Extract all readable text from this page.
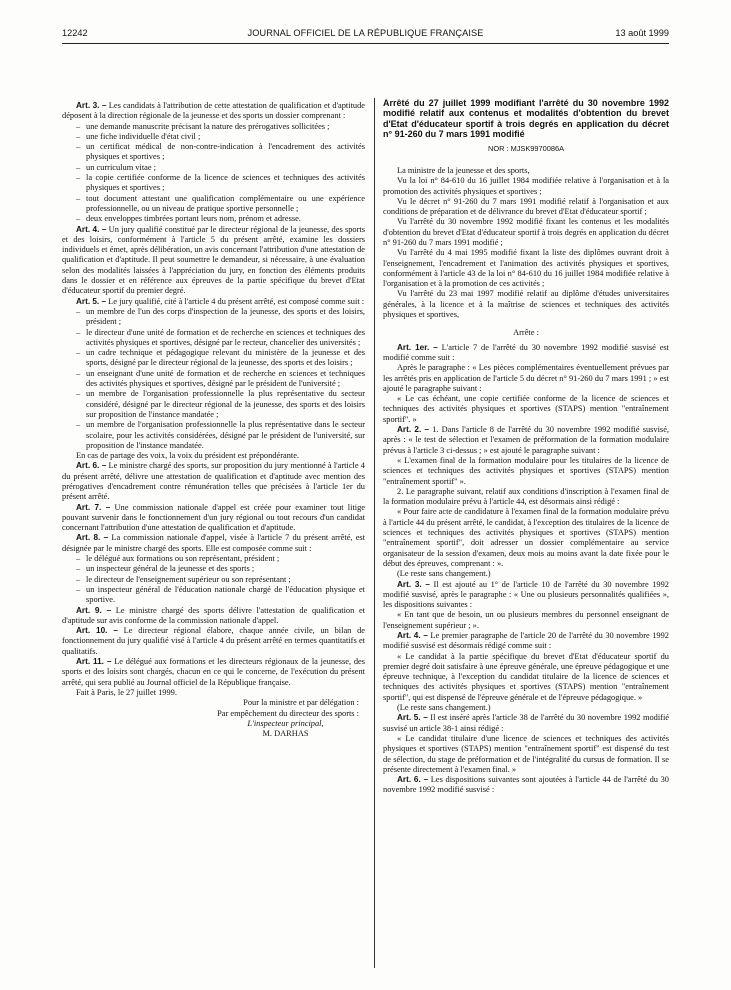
12242	JOURNAL OFFICIEL DE LA RÉPUBLIQUE FRANÇAISE	13 août 1999

Art. 3. – Les candidats à l'attribution de cette attestation de qualification et d'aptitude déposent à la direction régionale de la jeunesse et des sports un dossier comprenant :

– une demande manuscrite précisant la nature des prérogatives sollicitées ;
– une fiche individuelle d'état civil ;
– un certificat médical de non-contre-indication à l'encadrement des activités physiques et sportives ;
– un curriculum vitae ;
– la copie certifiée conforme de la licence de sciences et techniques des activités physiques et sportives ;
– tout document attestant une qualification complémentaire ou une expérience professionnelle, ou un niveau de pratique sportive personnelle ;
– deux enveloppes timbrées portant leurs nom, prénom et adresse.

Art. 4. – Un jury qualifié constitué par le directeur régional de la jeunesse, des sports et des loisirs, conformément à l'article 5 du présent arrêté, examine les dossiers individuels et émet, après délibération, un avis concernant l'attribution d'une attestation de qualification et d'aptitude. Il peut soumettre le demandeur, si nécessaire, à une évaluation selon des modalités laissées à l'appréciation du jury, en fonction des éléments produits dans le dossier et en référence aux épreuves de la partie spécifique du brevet d'Etat d'éducateur sportif du premier degré.

Art. 5. – Le jury qualifié, cité à l'article 4 du présent arrêté, est composé comme suit :

– un membre de l'un des corps d'inspection de la jeunesse, des sports et des loisirs, président ;
– le directeur d'une unité de formation et de recherche en sciences et techniques des activités physiques et sportives, désigné par le recteur, chancelier des universités ;
– un cadre technique et pédagogique relevant du ministère de la jeunesse et des sports, désigné par le directeur régional de la jeunesse, des sports et des loisirs ;
– un enseignant d'une unité de formation et de recherche en sciences et techniques des activités physiques et sportives, désigné par le président de l'université ;
– un membre de l'organisation professionnelle la plus représentative du secteur considéré, désigné par le directeur régional de la jeunesse, des sports et des loisirs sur proposition de l'instance mandatée ;
– un membre de l'organisation professionnelle la plus représentative dans le secteur scolaire, pour les activités considérées, désigné par le président de l'université, sur proposition de l'instance mandatée.

En cas de partage des voix, la voix du président est prépondérante.

Art. 6. – Le ministre chargé des sports, sur proposition du jury mentionné à l'article 4 du présent arrêté, délivre une attestation de qualification et d'aptitude avec mention des prérogatives d'encadrement contre rémunération telles que précisées à l'article 1er du présent arrêté.

Art. 7. – Une commission nationale d'appel est créée pour examiner tout litige pouvant survenir dans le fonctionnement d'un jury régional ou tout recours d'un candidat concernant l'attribution d'une attestation de qualification et d'aptitude.

Art. 8. – La commission nationale d'appel, visée à l'article 7 du présent arrêté, est désignée par le ministre chargé des sports. Elle est composée comme suit :

– le délégué aux formations ou son représentant, président ;
– un inspecteur général de la jeunesse et des sports ;
– le directeur de l'enseignement supérieur ou son représentant ;
– un inspecteur général de l'éducation nationale chargé de l'éducation physique et sportive.

Art. 9. – Le ministre chargé des sports délivre l'attestation de qualification et d'aptitude sur avis conforme de la commission nationale d'appel.

Art. 10. – Le directeur régional élabore, chaque année civile, un bilan de fonctionnement du jury qualifié visé à l'article 4 du présent arrêté en termes quantitatifs et qualitatifs.

Art. 11. – Le délégué aux formations et les directeurs régionaux de la jeunesse, des sports et des loisirs sont chargés, chacun en ce qui le concerne, de l'exécution du présent arrêté, qui sera publié au Journal officiel de la République française.

Fait à Paris, le 27 juillet 1999.

Pour la ministre et par délégation :
Par empêchement du directeur des sports :
L'inspecteur principal,
M. DARHAS
Arrêté du 27 juillet 1999 modifiant l'arrêté du 30 novembre 1992 modifié relatif aux contenus et modalités d'obtention du brevet d'Etat d'éducateur sportif à trois degrés en application du décret n° 91-260 du 7 mars 1991 modifié
NOR : MJSK9970086A

La ministre de la jeunesse et des sports,

Vu la loi n° 84-610 du 16 juillet 1984 modifiée relative à l'organisation et à la promotion des activités physiques et sportives ;

Vu le décret n° 91-260 du 7 mars 1991 modifié relatif à l'organisation et aux conditions de préparation et de délivrance du brevet d'Etat d'éducateur sportif ;

Vu l'arrêté du 30 novembre 1992 modifié fixant les contenus et les modalités d'obtention du brevet d'Etat d'éducateur sportif à trois degrés en application du décret n° 91-260 du 7 mars 1991 modifié ;

Vu l'arrêté du 4 mai 1995 modifié fixant la liste des diplômes ouvrant droit à l'enseignement, l'encadrement et l'animation des activités physiques et sportives, conformément à l'article 43 de la loi n° 84-610 du 16 juillet 1984 modifiée relative à l'organisation et à la promotion de ces activités ;

Vu l'arrêté du 23 mai 1997 modifié relatif au diplôme d'études universitaires générales, à la licence et à la maîtrise de sciences et techniques des activités physiques et sportives,

Arrête :

Art. 1er. – L'article 7 de l'arrêté du 30 novembre 1992 modifié susvisé est modifié comme suit :

Après le paragraphe : « Les pièces complémentaires éventuellement prévues par les arrêtés pris en application de l'article 5 du décret n° 91-260 du 7 mars 1991 ; » est ajouté le paragraphe suivant :

« Le cas échéant, une copie certifiée conforme de la licence de sciences et techniques des activités physiques et sportives (STAPS) mention "entraînement sportif". »

Art. 2. – 1. Dans l'article 8 de l'arrêté du 30 novembre 1992 modifié susvisé, après : « le test de sélection et l'examen de préformation de la formation modulaire prévus à l'article 3 ci-dessus ; » est ajouté le paragraphe suivant :

« L'examen final de la formation modulaire pour les titulaires de la licence de sciences et techniques des activités physiques et sportives (STAPS) mention "entraînement sportif" ».

2. Le paragraphe suivant, relatif aux conditions d'inscription à l'examen final de la formation modulaire prévu à l'article 44, est désormais ainsi rédigé :

« Pour faire acte de candidature à l'examen final de la formation modulaire prévu à l'article 44 du présent arrêté, le candidat, à l'exception des titulaires de la licence de sciences et techniques des activités physiques et sportives (STAPS) mention "entraînement sportif", doit adresser un dossier complémentaire au service organisateur de la session d'examen, deux mois au moins avant la date fixée pour le début des épreuves, comprenant : ».

(Le reste sans changement.)

Art. 3. – Il est ajouté au 1° de l'article 10 de l'arrêté du 30 novembre 1992 modifié susvisé, après le paragraphe : « Une ou plusieurs personnalités qualifiées », les dispositions suivantes :

« En tant que de besoin, un ou plusieurs membres du personnel enseignant de l'enseignement supérieur ; ».

Art. 4. – Le premier paragraphe de l'article 20 de l'arrêté du 30 novembre 1992 modifié susvisé est désormais rédigé comme suit :

« Le candidat à la partie spécifique du brevet d'Etat d'éducateur sportif du premier degré doit satisfaire à une épreuve générale, une épreuve pédagogique et une épreuve technique, à l'exception du candidat titulaire de la licence de sciences et techniques des activités physiques et sportives (STAPS) mention "entraînement sportif", qui est dispensé de l'épreuve générale et de l'épreuve pédagogique. »

(Le reste sans changement.)

Art. 5. – Il est inséré après l'article 38 de l'arrêté du 30 novembre 1992 modifié susvisé un article 38-1 ainsi rédigé :

« Le candidat titulaire d'une licence de sciences et techniques des activités physiques et sportives (STAPS) mention "entraînement sportif" est dispensé du test de sélection, du stage de préformation et de l'intégralité du cursus de formation. Il se présente directement à l'examen final. »

Art. 6. – Les dispositions suivantes sont ajoutées à l'article 44 de l'arrêté du 30 novembre 1992 modifié susvisé :
